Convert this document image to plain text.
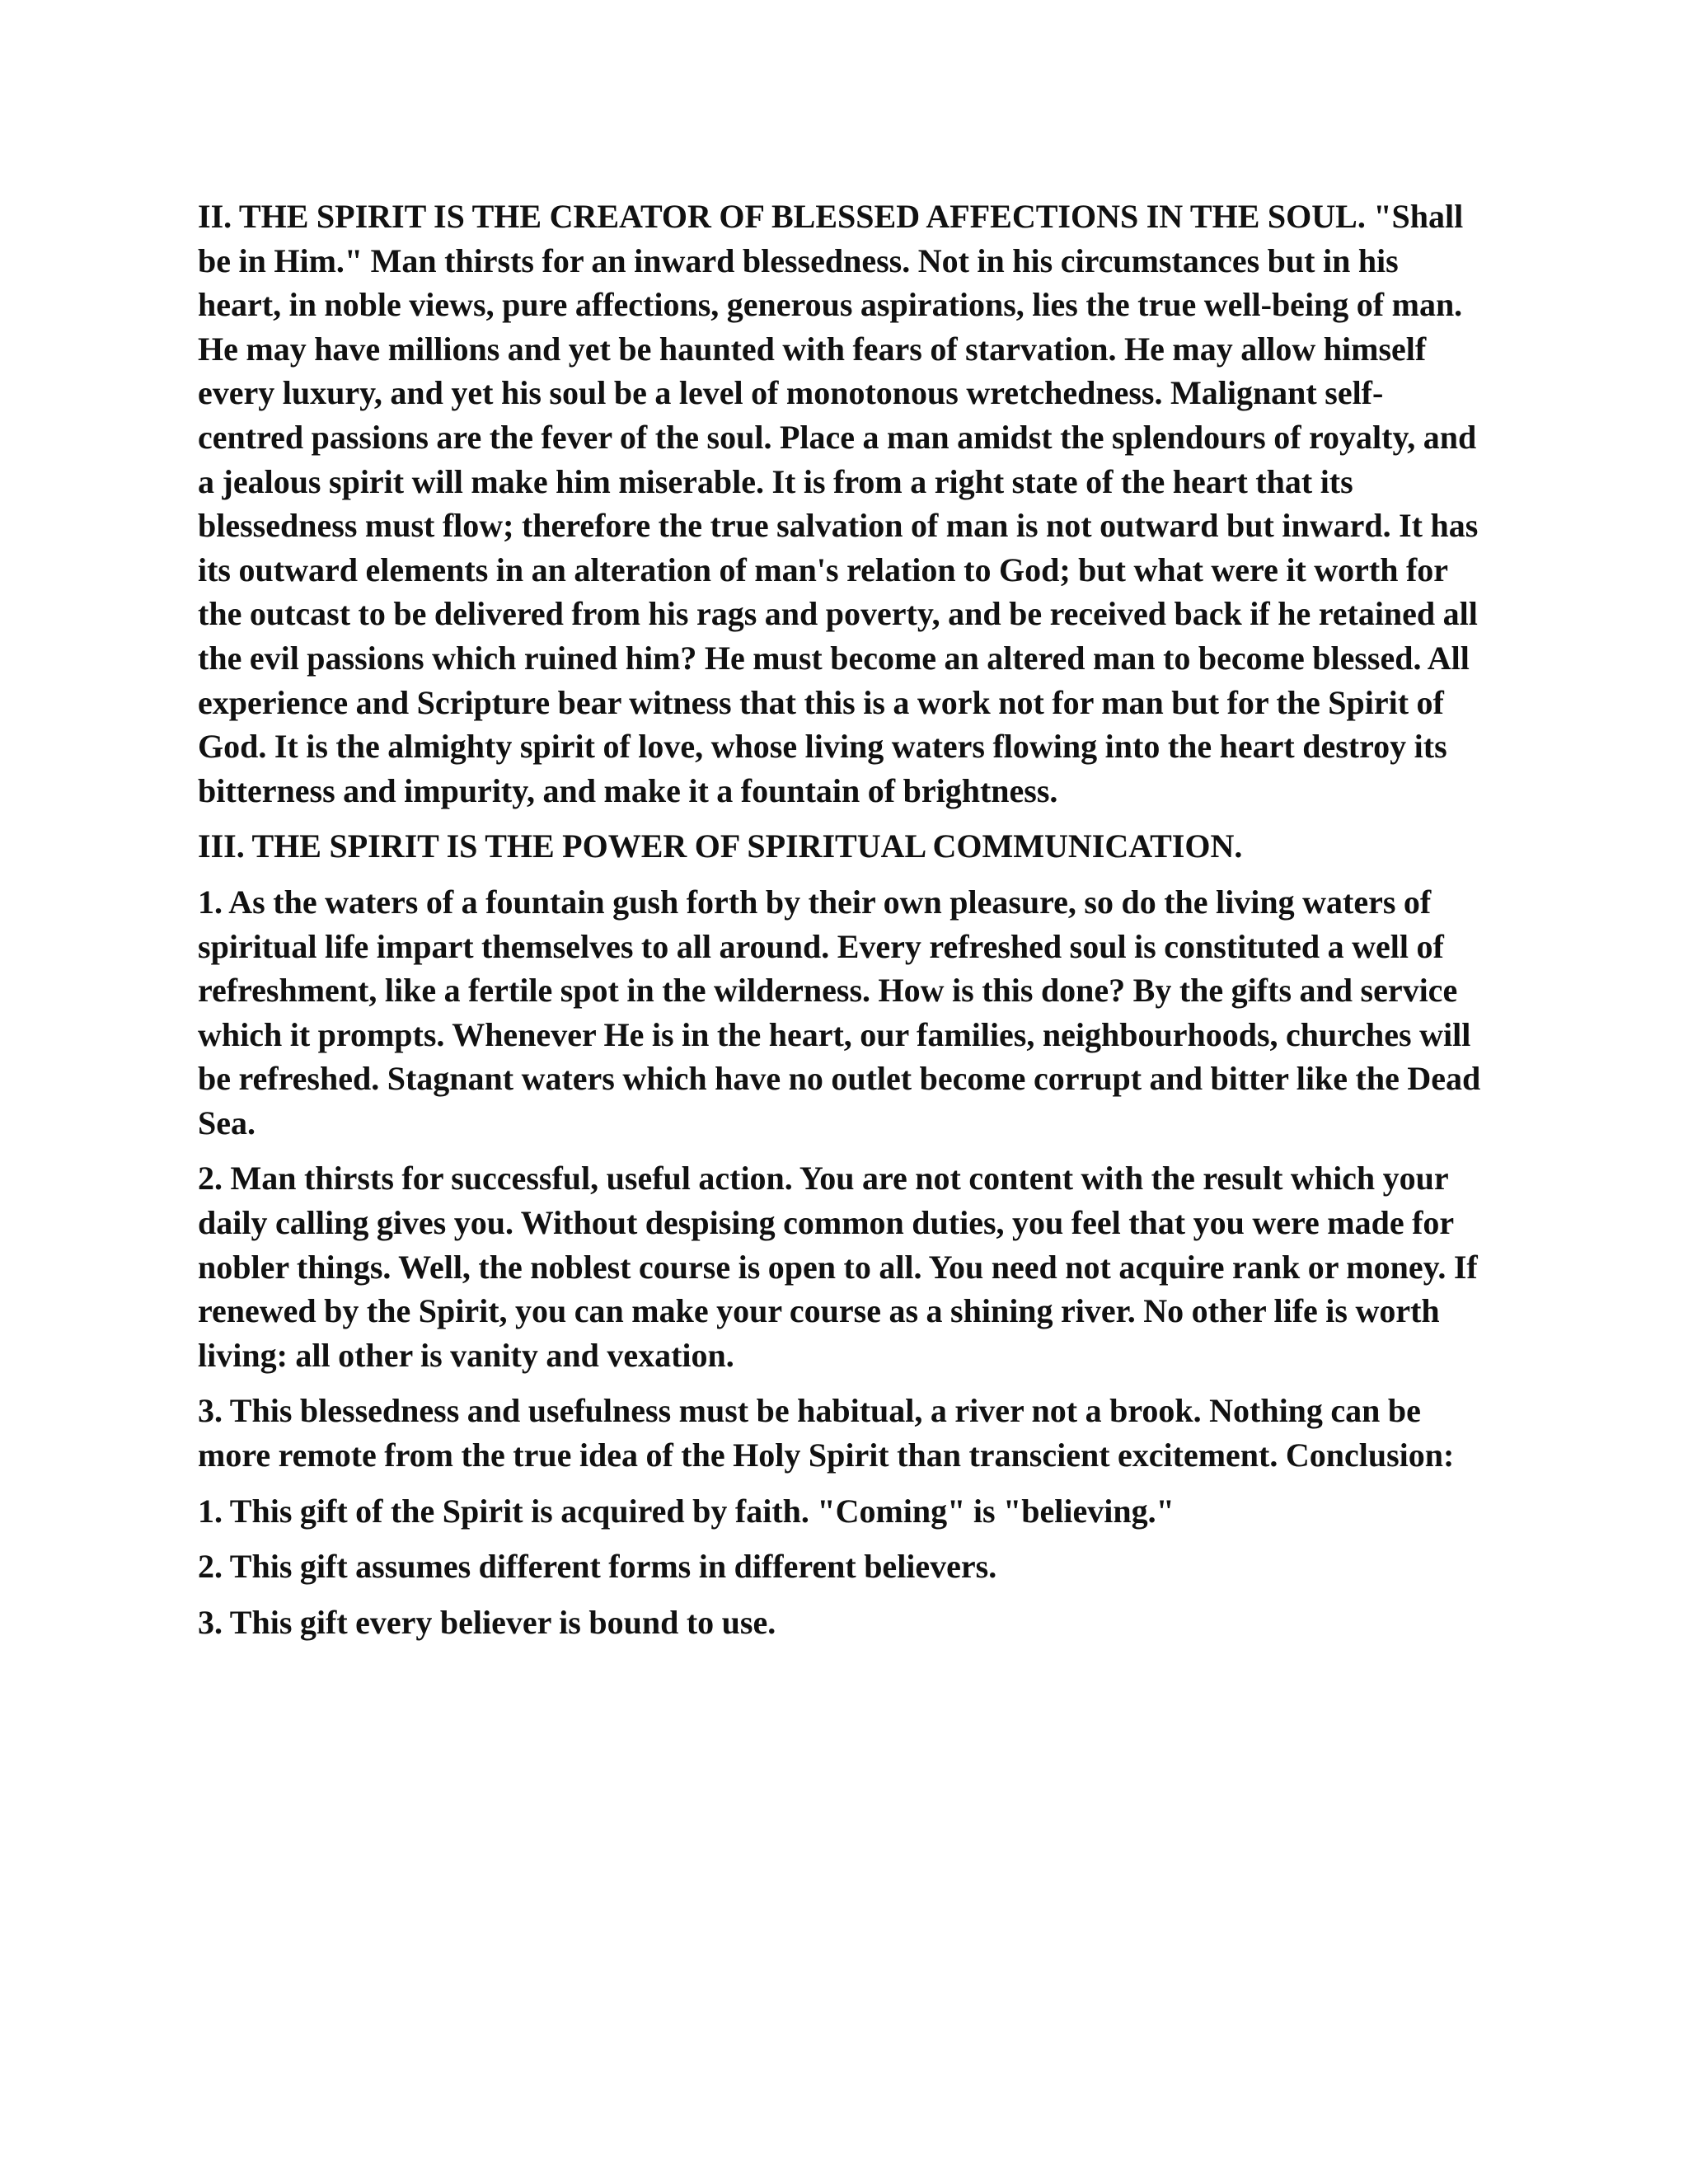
II. THE SPIRIT IS THE CREATOR OF BLESSED AFFECTIONS IN THE SOUL. "Shall be in Him." Man thirsts for an inward blessedness. Not in his circumstances but in his heart, in noble views, pure affections, generous aspirations, lies the true well-being of man. He may have millions and yet be haunted with fears of starvation. He may allow himself every luxury, and yet his soul be a level of monotonous wretchedness. Malignant self-centred passions are the fever of the soul. Place a man amidst the splendours of royalty, and a jealous spirit will make him miserable. It is from a right state of the heart that its blessedness must flow; therefore the true salvation of man is not outward but inward. It has its outward elements in an alteration of man's relation to God; but what were it worth for the outcast to be delivered from his rags and poverty, and be received back if he retained all the evil passions which ruined him? He must become an altered man to become blessed. All experience and Scripture bear witness that this is a work not for man but for the Spirit of God. It is the almighty spirit of love, whose living waters flowing into the heart destroy its bitterness and impurity, and make it a fountain of brightness.

III. THE SPIRIT IS THE POWER OF SPIRITUAL COMMUNICATION.

1. As the waters of a fountain gush forth by their own pleasure, so do the living waters of spiritual life impart themselves to all around. Every refreshed soul is constituted a well of refreshment, like a fertile spot in the wilderness. How is this done? By the gifts and service which it prompts. Whenever He is in the heart, our families, neighbourhoods, churches will be refreshed. Stagnant waters which have no outlet become corrupt and bitter like the Dead Sea.

2. Man thirsts for successful, useful action. You are not content with the result which your daily calling gives you. Without despising common duties, you feel that you were made for nobler things. Well, the noblest course is open to all. You need not acquire rank or money. If renewed by the Spirit, you can make your course as a shining river. No other life is worth living: all other is vanity and vexation.

3. This blessedness and usefulness must be habitual, a river not a brook. Nothing can be more remote from the true idea of the Holy Spirit than transcient excitement. Conclusion:

1. This gift of the Spirit is acquired by faith. "Coming" is "believing."

2. This gift assumes different forms in different believers.

3. This gift every believer is bound to use.
